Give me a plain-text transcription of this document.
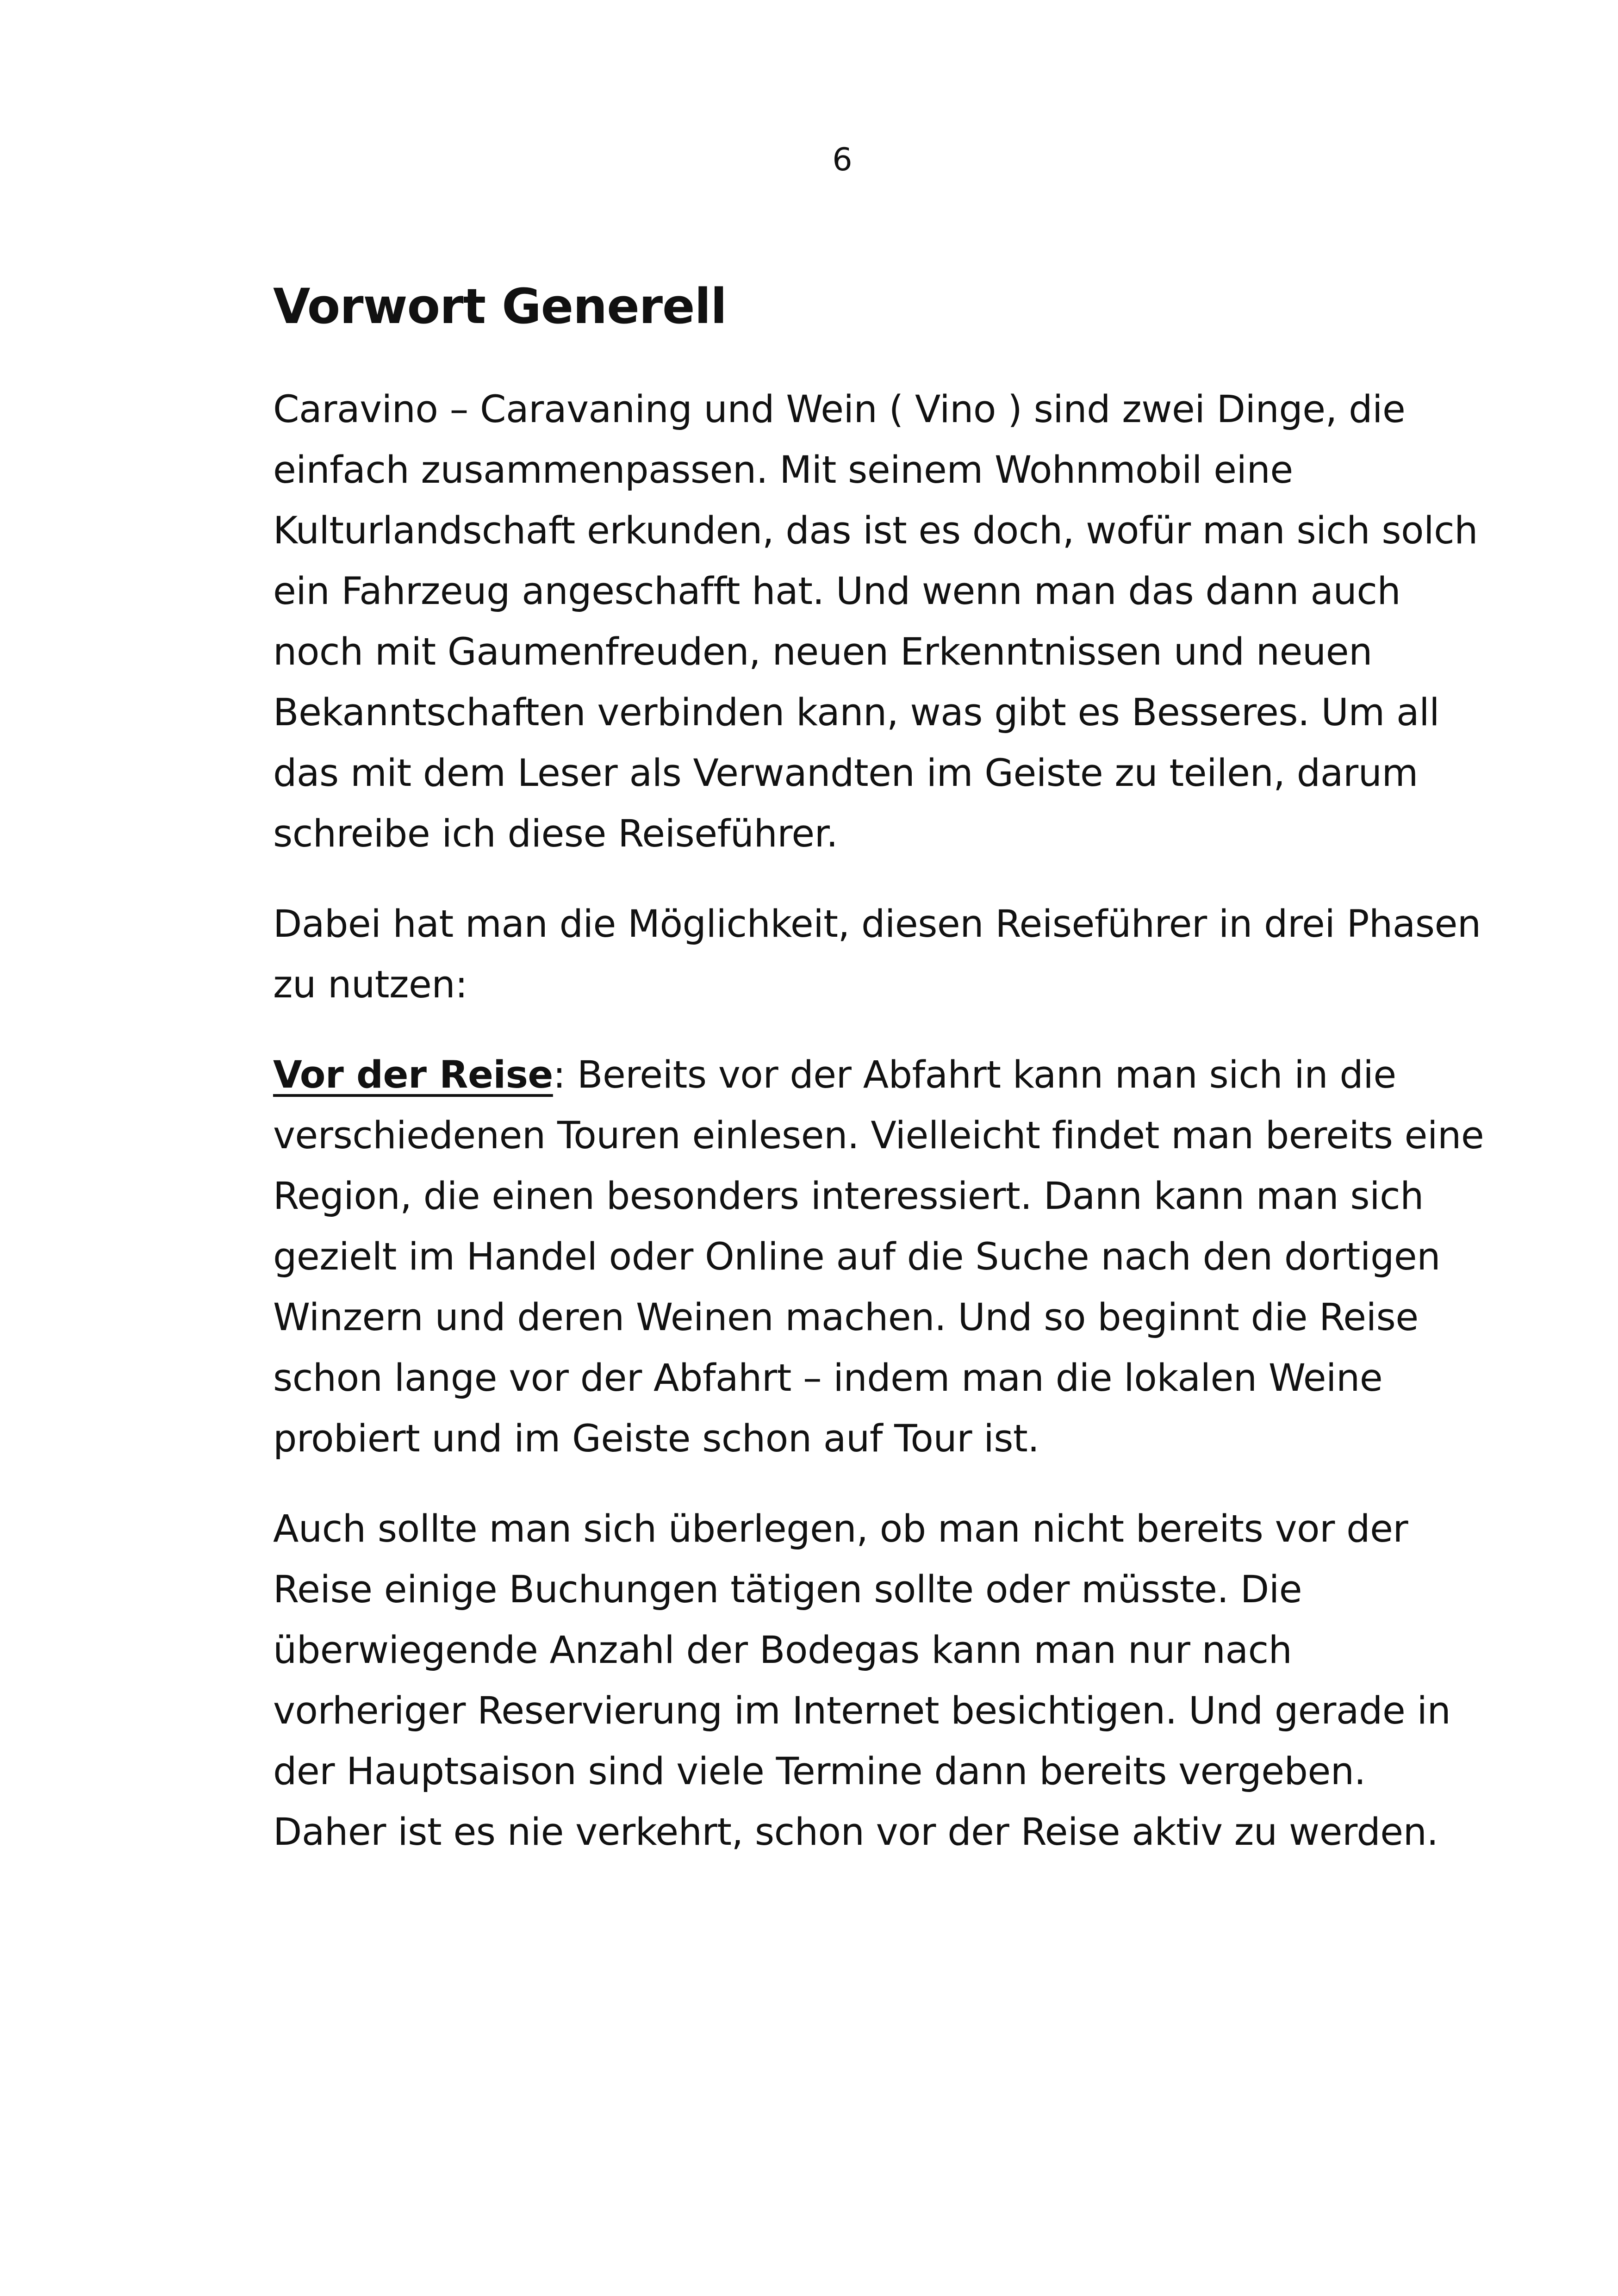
6
Vorwort Generell

Caravino – Caravaning und Wein ( Vino ) sind zwei Dinge, die einfach zusammenpassen. Mit seinem Wohnmobil eine Kulturlandschaft erkunden, das ist es doch, wofür man sich solch ein Fahrzeug angeschafft hat. Und wenn man das dann auch noch mit Gaumenfreuden, neuen Erkenntnissen und neuen Bekanntschaften verbinden kann, was gibt es Besseres. Um all das mit dem Leser als Verwandten im Geiste zu teilen, darum schreibe ich diese Reiseführer.

Dabei hat man die Möglichkeit, diesen Reiseführer in drei Phasen zu nutzen:

Vor der Reise: Bereits vor der Abfahrt kann man sich in die verschiedenen Touren einlesen. Vielleicht findet man bereits eine Region, die einen besonders interessiert. Dann kann man sich gezielt im Handel oder Online auf die Suche nach den dortigen Winzern und deren Weinen machen. Und so beginnt die Reise schon lange vor der Abfahrt – indem man die lokalen Weine probiert und im Geiste schon auf Tour ist.

Auch sollte man sich überlegen, ob man nicht bereits vor der Reise einige Buchungen tätigen sollte oder müsste. Die überwiegende Anzahl der Bodegas kann man nur nach vorheriger Reservierung im Internet besichtigen. Und gerade in der Hauptsaison sind viele Termine dann bereits vergeben. Daher ist es nie verkehrt, schon vor der Reise aktiv zu werden.
